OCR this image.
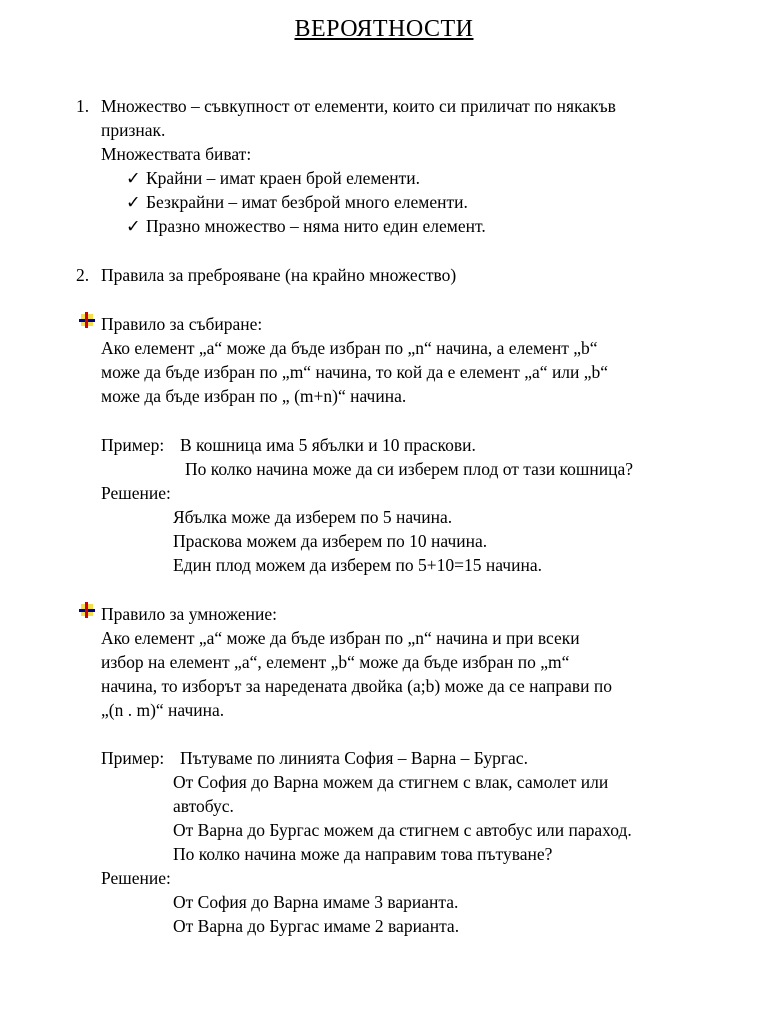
ВЕРОЯТНОСТИ
1. Множество – съвкупност от елементи, които си приличат по някакъв
признак.
Множествата биват:
✓ Крайни – имат краен брой елементи.
✓ Безкрайни – имат безброй много елементи.
✓ Празно множество – няма нито един елемент.
2. Правила за преброяване (на крайно множество)
Правило за събиране:
Ако елемент „а“ може да бъде избран по „n“ начина, а елемент „b“
може да бъде избран по „m“ начина, то кой да е елемент „а“ или „b“
може да бъде избран по „ (m+n)“ начина.
Пример: В кошница има 5 ябълки и 10 праскови.
По колко начина може да си изберем плод от тази кошница?
Решение:
Ябълка може да изберем по 5 начина.
Праскова можем да изберем по 10 начина.
Един плод можем да изберем по 5+10=15 начина.
Правило за умножение:
Ако елемент „а“ може да бъде избран по „n“ начина и при всеки
избор на елемент „а“, елемент „b“ може да бъде избран по „m“
начина, то изборът за наредената двойка (a;b) може да се направи по
„(n . m)“ начина.
Пример: Пътуваме по линията София – Варна – Бургас.
От София до Варна можем да стигнем с влак, самолет или
автобус.
От Варна до Бургас можем да стигнем с автобус или параход.
По колко начина може да направим това пътуване?
Решение:
От София до Варна имаме 3 варианта.
От Варна до Бургас имаме 2 варианта.
